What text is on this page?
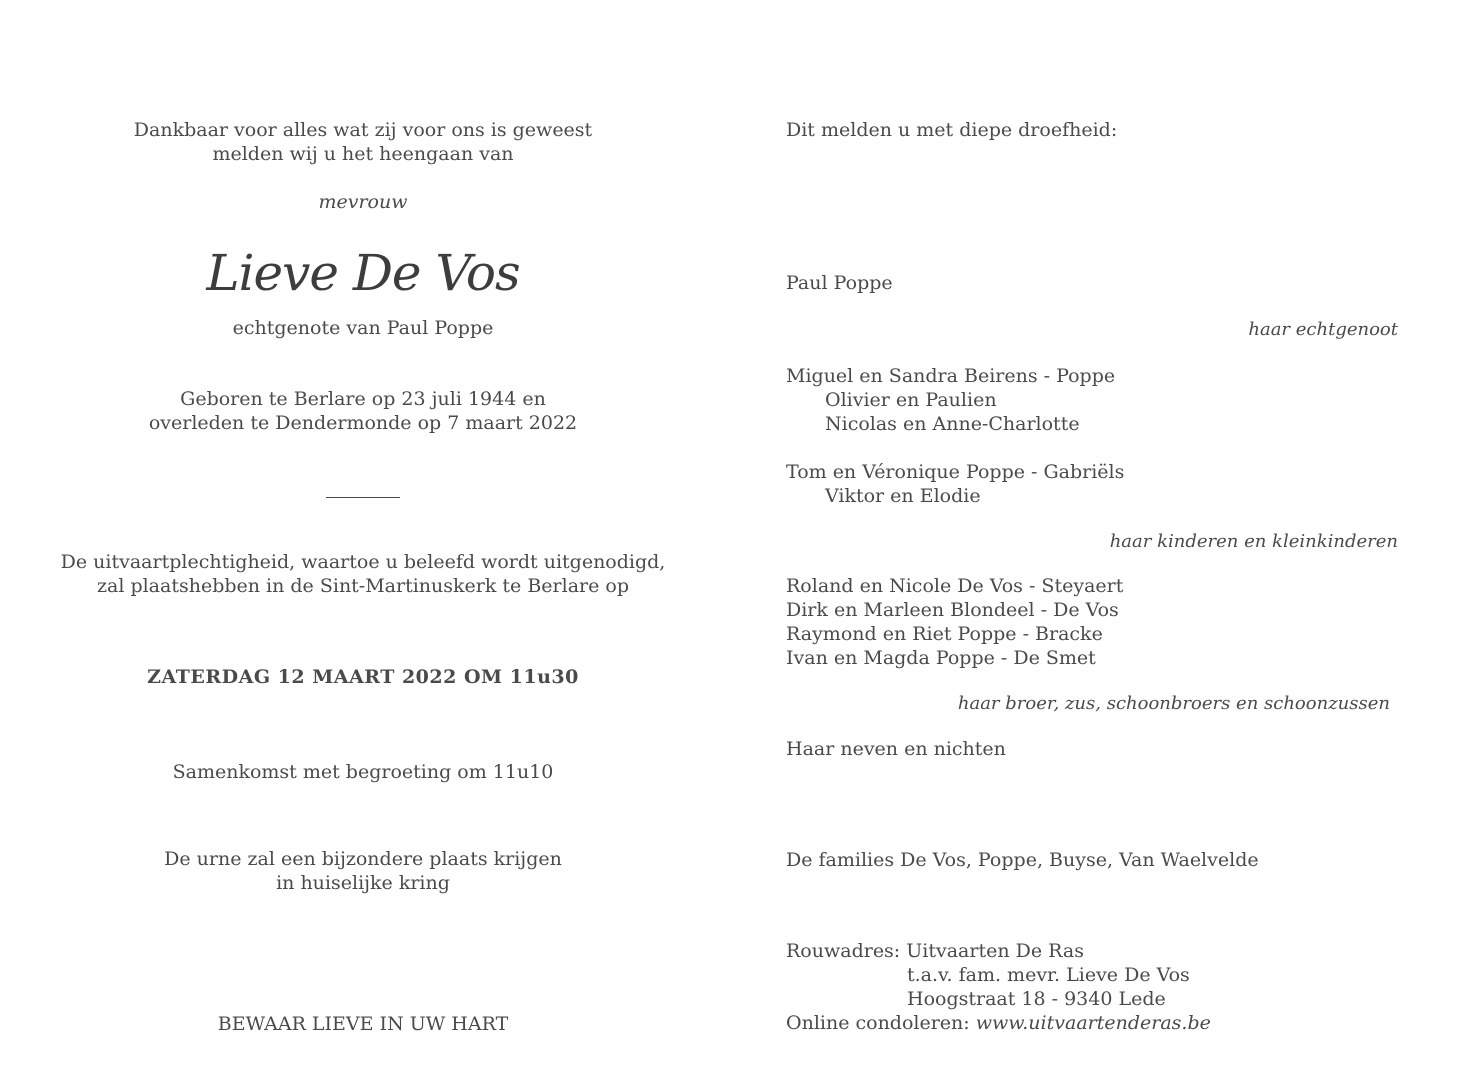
Dankbaar voor alles wat zij voor ons is geweest

melden wij u het heengaan van

mevrouw

Lieve De Vos

echtgenote van Paul Poppe

Geboren te Berlare op 23 juli 1944 en

overleden te Dendermonde op 7 maart 2022

De uitvaartplechtigheid, waartoe u beleefd wordt uitgenodigd,

zal plaatshebben in de Sint-Martinuskerk te Berlare op

ZATERDAG 12 MAART 2022 OM 11u30

Samenkomst met begroeting om 11u10

De urne zal een bijzondere plaats krijgen

in huiselijke kring

BEWAAR LIEVE IN UW HART

Dit melden u met diepe droefheid:

Paul Poppe

haar echtgenoot

Miguel en Sandra Beirens - Poppe

Olivier en Paulien

Nicolas en Anne-Charlotte

Tom en Véronique Poppe - Gabriëls

Viktor en Elodie

haar kinderen en kleinkinderen

Roland en Nicole De Vos - Steyaert

Dirk en Marleen Blondeel - De Vos

Raymond en Riet Poppe - Bracke

Ivan en Magda Poppe - De Smet

haar broer, zus, schoonbroers en schoonzussen

Haar neven en nichten

De families De Vos, Poppe, Buyse, Van Waelvelde

Rouwadres: Uitvaarten De Ras

t.a.v. fam. mevr. Lieve De Vos

Hoogstraat 18 - 9340 Lede

Online condoleren: www.uitvaartenderas.be
